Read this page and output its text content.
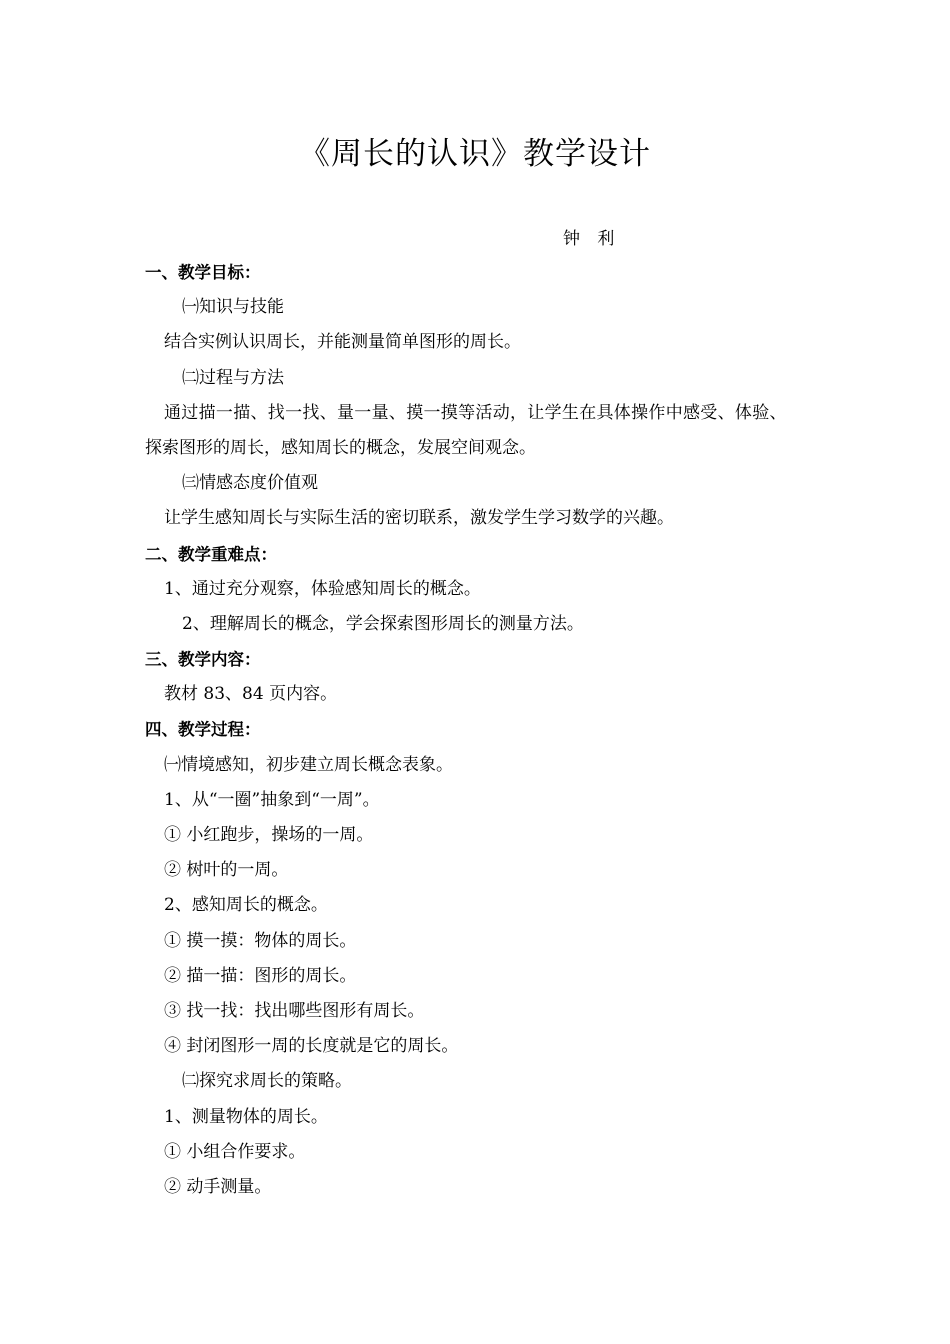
《周长的认识》教学设计

钟 利

一、教学目标：

㈠知识与技能

结合实例认识周长，并能测量简单图形的周长。

㈡过程与方法

通过描一描、找一找、量一量、摸一摸等活动，让学生在具体操作中感受、体验、

探索图形的周长，感知周长的概念，发展空间观念。

㈢情感态度价值观

让学生感知周长与实际生活的密切联系，激发学生学习数学的兴趣。

二、教学重难点：

1、通过充分观察，体验感知周长的概念。

2、理解周长的概念，学会探索图形周长的测量方法。

三、教学内容：

教材 83、84 页内容。

四、教学过程：

㈠情境感知，初步建立周长概念表象。

1、从“一圈”抽象到“一周”。

① 小红跑步，操场的一周。

② 树叶的一周。

2、感知周长的概念。

① 摸一摸：物体的周长。

② 描一描：图形的周长。

③ 找一找：找出哪些图形有周长。

④ 封闭图形一周的长度就是它的周长。

㈡探究求周长的策略。

1、测量物体的周长。

① 小组合作要求。

② 动手测量。
